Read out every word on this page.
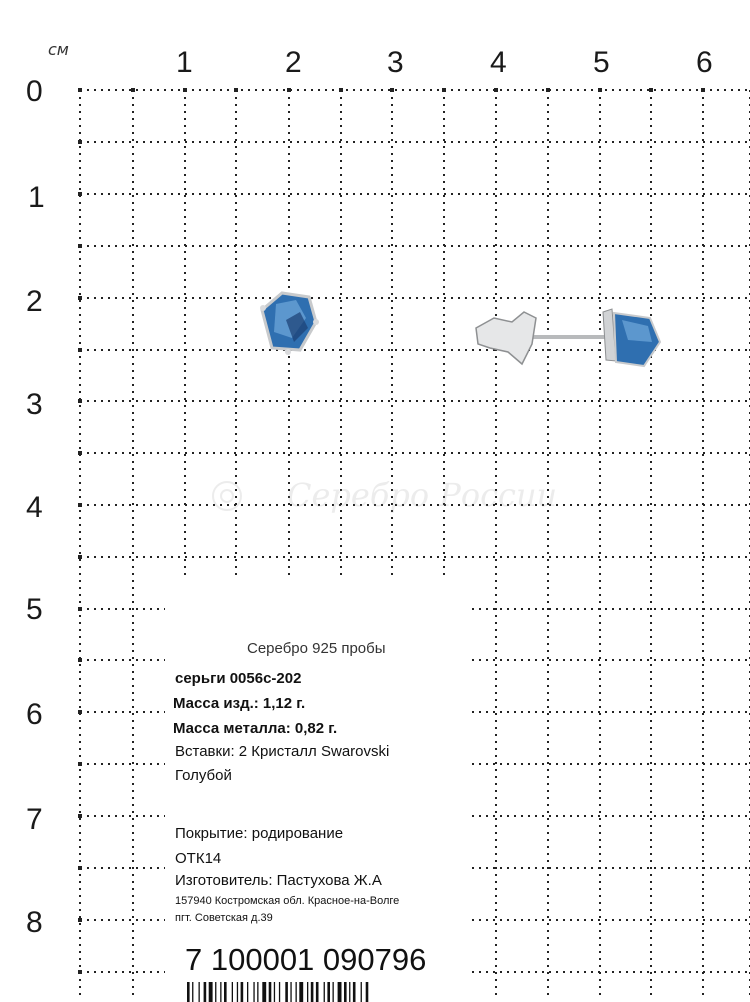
см	1	2	3	4	5	6
0
1
2
3
4
5
6
7
8
Серебро России
Серебро 925 пробы
серьги 0056с-202
Масса изд.: 1,12 г.
Масса металла: 0,82 г.
Вставки: 2 Кристалл Swarovski
Голубой
Покрытие: родирование
ОТК14
Изготовитель: Пастухова Ж.А
157940 Костромская обл. Красное-на-Волге
пгт. Советская д.39
7 100001 090796
